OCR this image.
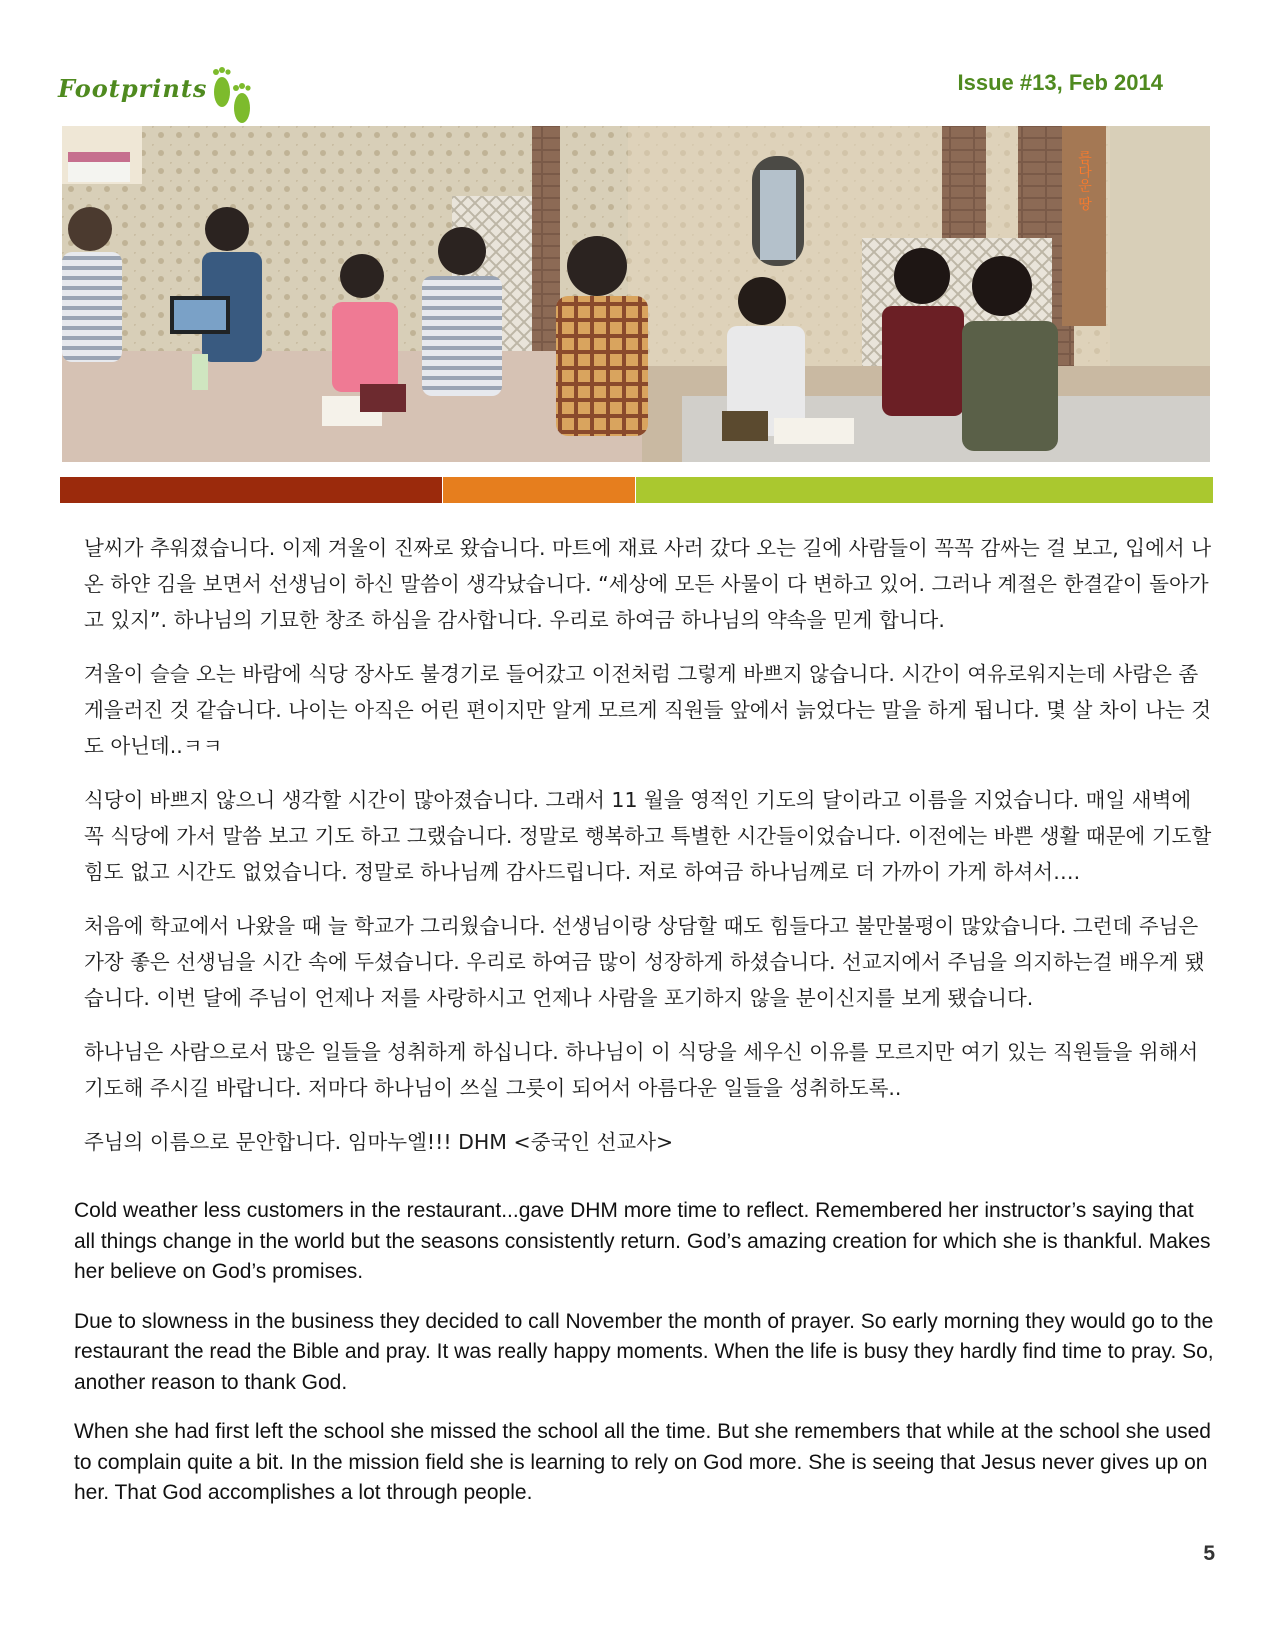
Footprints	Issue #13, Feb 2014
름다운 땅

날씨가 추워졌습니다. 이제 겨울이 진짜로 왔습니다. 마트에 재료 사러 갔다 오는 길에 사람들이 꼭꼭 감싸는 걸 보고, 입에서 나온 하얀 김을 보면서 선생님이 하신 말씀이 생각났습니다. “세상에 모든 사물이 다 변하고 있어. 그러나 계절은 한결같이 돌아가고 있지”. 하나님의 기묘한 창조 하심을 감사합니다. 우리로 하여금 하나님의 약속을 믿게 합니다.

겨울이 슬슬 오는 바람에 식당 장사도 불경기로 들어갔고 이전처럼 그렇게 바쁘지 않습니다. 시간이 여유로워지는데 사람은 좀 게을러진 것 같습니다. 나이는 아직은 어린 편이지만 알게 모르게 직원들 앞에서 늙었다는 말을 하게 됩니다. 몇 살 차이 나는 것도 아닌데..ㅋㅋ

식당이 바쁘지 않으니 생각할 시간이 많아졌습니다. 그래서 11 월을 영적인 기도의 달이라고 이름을 지었습니다. 매일 새벽에 꼭 식당에 가서 말씀 보고 기도 하고 그랬습니다. 정말로 행복하고 특별한 시간들이었습니다. 이전에는 바쁜 생활 때문에 기도할 힘도 없고 시간도 없었습니다. 정말로 하나님께 감사드립니다. 저로 하여금 하나님께로 더 가까이 가게 하셔서….

처음에 학교에서 나왔을 때 늘 학교가 그리웠습니다. 선생님이랑 상담할 때도 힘들다고 불만불평이 많았습니다. 그런데 주님은 가장 좋은 선생님을 시간 속에 두셨습니다. 우리로 하여금 많이 성장하게 하셨습니다. 선교지에서 주님을 의지하는걸 배우게 됐습니다. 이번 달에 주님이 언제나 저를 사랑하시고 언제나 사람을 포기하지 않을 분이신지를 보게 됐습니다.

하나님은 사람으로서 많은 일들을 성취하게 하십니다. 하나님이 이 식당을 세우신 이유를 모르지만 여기 있는 직원들을 위해서 기도해 주시길 바랍니다. 저마다 하나님이 쓰실 그릇이 되어서 아름다운 일들을 성취하도록..

주님의 이름으로 문안합니다. 임마누엘!!! DHM <중국인 선교사>

Cold weather less customers in the restaurant...gave DHM more time to reflect. Remembered her instructor’s saying that all things change in the world but the seasons consistently return. God’s amazing creation for which she is thankful. Makes her believe on God’s promises.

Due to slowness in the business they decided to call November the month of prayer. So early morning they would go to the restaurant the read the Bible and pray. It was really happy moments. When the life is busy they hardly find time to pray. So, another reason to thank God.

When she had first left the school she missed the school all the time. But she remembers that while at the school she used to complain quite a bit. In the mission field she is learning to rely on God more. She is seeing that Jesus never gives up on her. That God accomplishes a lot through people.

5
